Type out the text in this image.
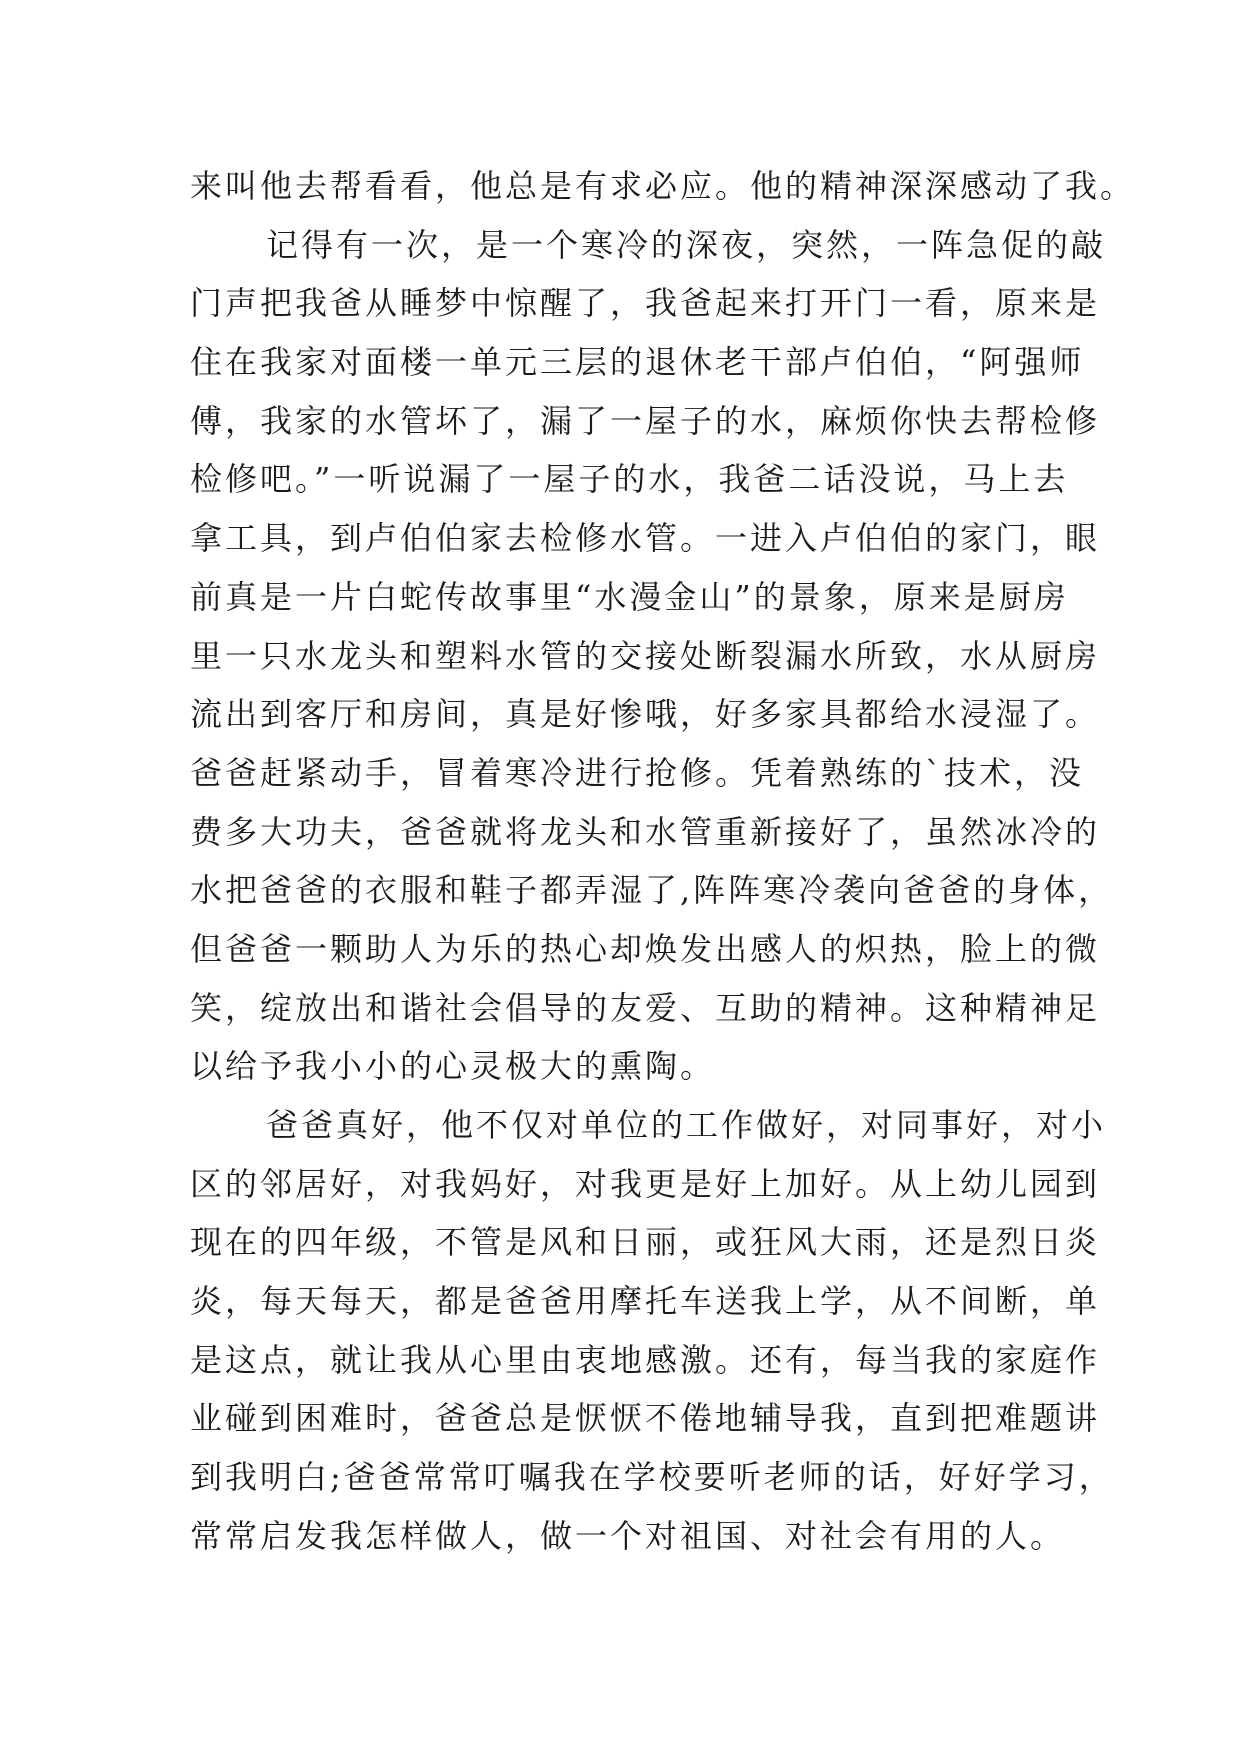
来叫他去帮看看，他总是有求必应。他的精神深深感动了我。
记得有一次，是一个寒冷的深夜，突然，一阵急促的敲
门声把我爸从睡梦中惊醒了，我爸起来打开门一看，原来是
住在我家对面楼一单元三层的退休老干部卢伯伯，“阿强师
傅，我家的水管坏了，漏了一屋子的水，麻烦你快去帮检修
检修吧。”一听说漏了一屋子的水，我爸二话没说，马上去
拿工具，到卢伯伯家去检修水管。一进入卢伯伯的家门，眼
前真是一片白蛇传故事里“水漫金山”的景象，原来是厨房
里一只水龙头和塑料水管的交接处断裂漏水所致，水从厨房
流出到客厅和房间，真是好惨哦，好多家具都给水浸湿了。
爸爸赶紧动手，冒着寒冷进行抢修。凭着熟练的`技术，没
费多大功夫，爸爸就将龙头和水管重新接好了，虽然冰冷的
水把爸爸的衣服和鞋子都弄湿了,阵阵寒冷袭向爸爸的身体，
但爸爸一颗助人为乐的热心却焕发出感人的炽热，脸上的微
笑，绽放出和谐社会倡导的友爱、互助的精神。这种精神足
以给予我小小的心灵极大的熏陶。
爸爸真好，他不仅对单位的工作做好，对同事好，对小
区的邻居好，对我妈好，对我更是好上加好。从上幼儿园到
现在的四年级，不管是风和日丽，或狂风大雨，还是烈日炎
炎，每天每天，都是爸爸用摩托车送我上学，从不间断，单
是这点，就让我从心里由衷地感激。还有，每当我的家庭作
业碰到困难时，爸爸总是恹恹不倦地辅导我，直到把难题讲
到我明白;爸爸常常叮嘱我在学校要听老师的话，好好学习，
常常启发我怎样做人，做一个对祖国、对社会有用的人。
